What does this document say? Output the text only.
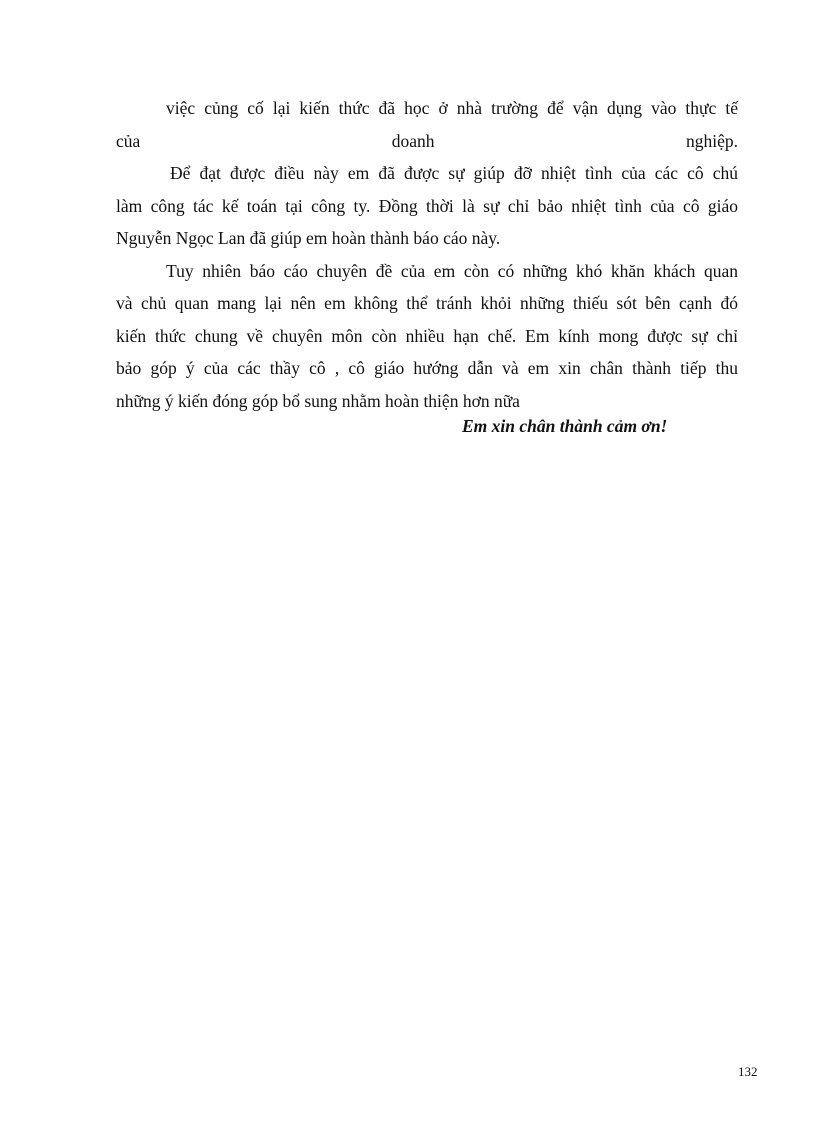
việc củng cố lại kiến thức đã học ở nhà trường để vận dụng vào thực tế
của	doanh	nghiệp.
Để đạt được điều này em đã được sự giúp đỡ nhiệt tình của các cô chú
làm công tác kế toán tại công ty. Đồng thời là sự chỉ bảo nhiệt tình của cô giáo
Nguyễn Ngọc Lan đã giúp em hoàn thành báo cáo này.
Tuy nhiên báo cáo chuyên đề của em còn có những khó khăn khách quan
và chủ quan mang lại nên em không thể tránh khỏi những thiếu sót bên cạnh đó
kiến thức chung về chuyên môn còn nhiều hạn chế. Em kính mong được sự chỉ
bảo góp ý của các thầy cô , cô giáo hướng dẫn và em xin chân thành tiếp thu
những ý kiến đóng góp bổ sung nhằm hoàn thiện hơn nữa
Em xin chân thành cảm ơn!
132
